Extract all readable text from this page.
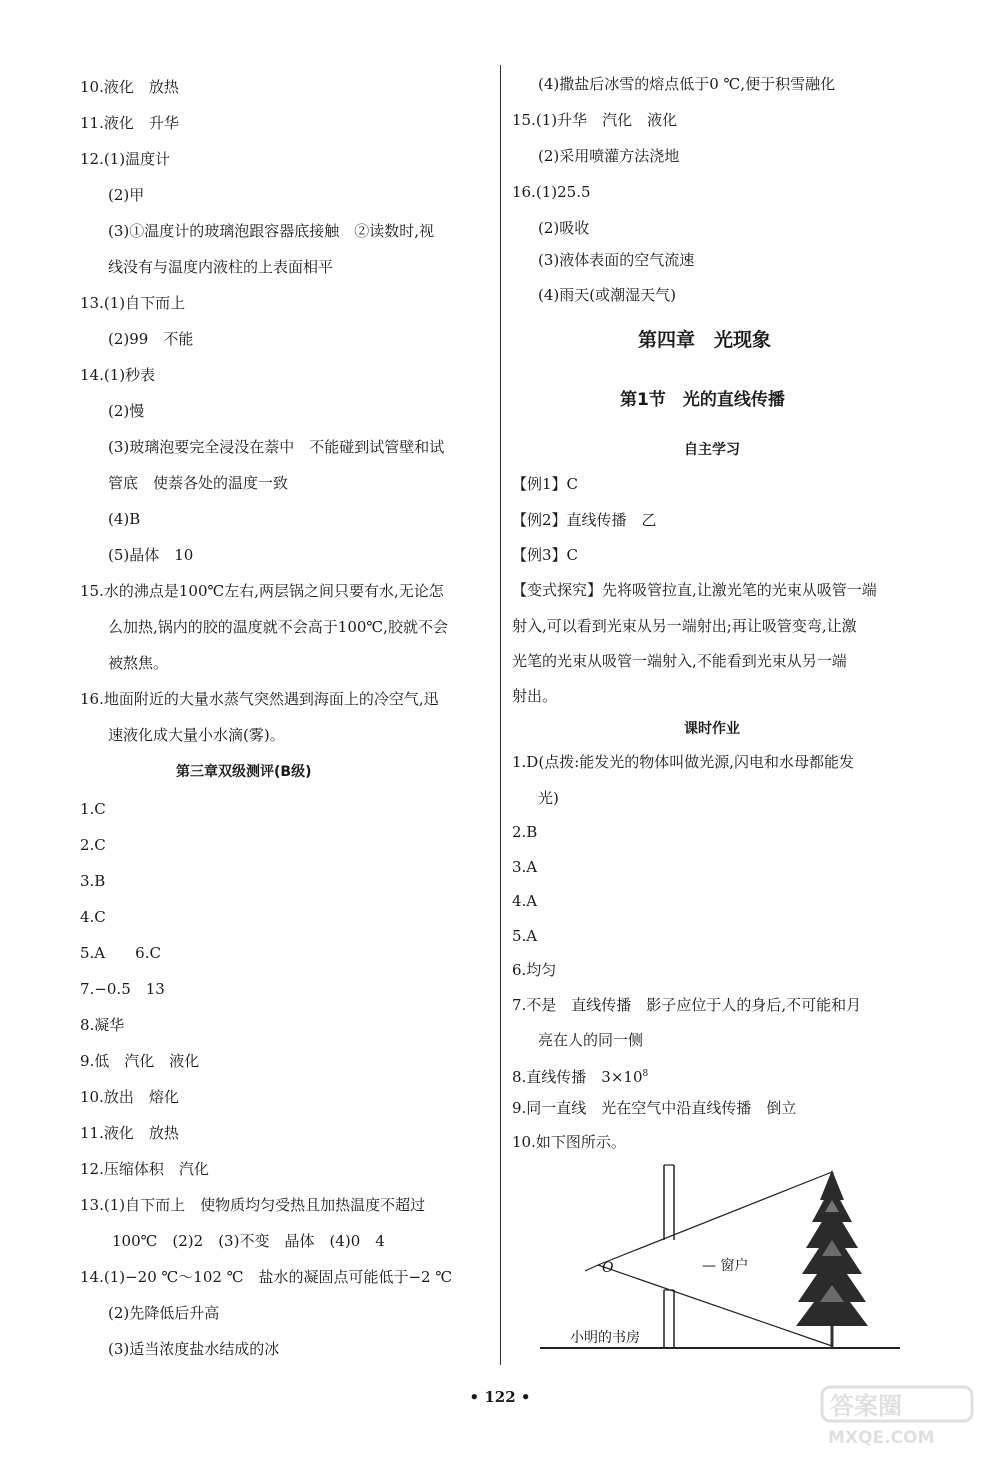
10.液化　放热
11.液化　升华
12.(1)温度计
(2)甲
(3)①温度计的玻璃泡跟容器底接触　②读数时,视
线没有与温度内液柱的上表面相平
13.(1)自下而上
(2)99　不能
14.(1)秒表
(2)慢
(3)玻璃泡要完全浸没在萘中　不能碰到试管壁和试
管底　使萘各处的温度一致
(4)B
(5)晶体　10
15.水的沸点是100℃左右,两层锅之间只要有水,无论怎
么加热,锅内的胶的温度就不会高于100℃,胶就不会
被熬焦。
16.地面附近的大量水蒸气突然遇到海面上的冷空气,迅
速液化成大量小水滴(雾)。
第三章双级测评(B级)
1.C
2.C
3.B
4.C
5.A　　6.C
7.−0.5　13
8.凝华
9.低　汽化　液化
10.放出　熔化
11.液化　放热
12.压缩体积　汽化
13.(1)自下而上　使物质均匀受热且加热温度不超过
100℃　(2)2　(3)不变　晶体　(4)0　4
14.(1)−20 ℃～102 ℃　盐水的凝固点可能低于−2 ℃
(2)先降低后升高
(3)适当浓度盐水结成的冰
(4)撒盐后冰雪的熔点低于0 ℃,便于积雪融化
15.(1)升华　汽化　液化
(2)采用喷灌方法浇地
16.(1)25.5
(2)吸收
(3)液体表面的空气流速
(4)雨天(或潮湿天气)
第四章　光现象
第1节　光的直线传播
自主学习
【例1】C
【例2】直线传播　乙
【例3】C
【变式探究】先将吸管拉直,让激光笔的光束从吸管一端
射入,可以看到光束从另一端射出;再让吸管变弯,让激
光笔的光束从吸管一端射入,不能看到光束从另一端
射出。
课时作业
1.D(点拨:能发光的物体叫做光源,闪电和水母都能发
光)
2.B
3.A
4.A
5.A
6.均匀
7.不是　直线传播　影子应位于人的身后,不可能和月
亮在人的同一侧
8.直线传播　$3\times 10^8$
9.同一直线　光在空气中沿直线传播　倒立
10.如下图所示。
O	— 窗户
小明的书房
• 122 •	答案圈
MXQE.COM
